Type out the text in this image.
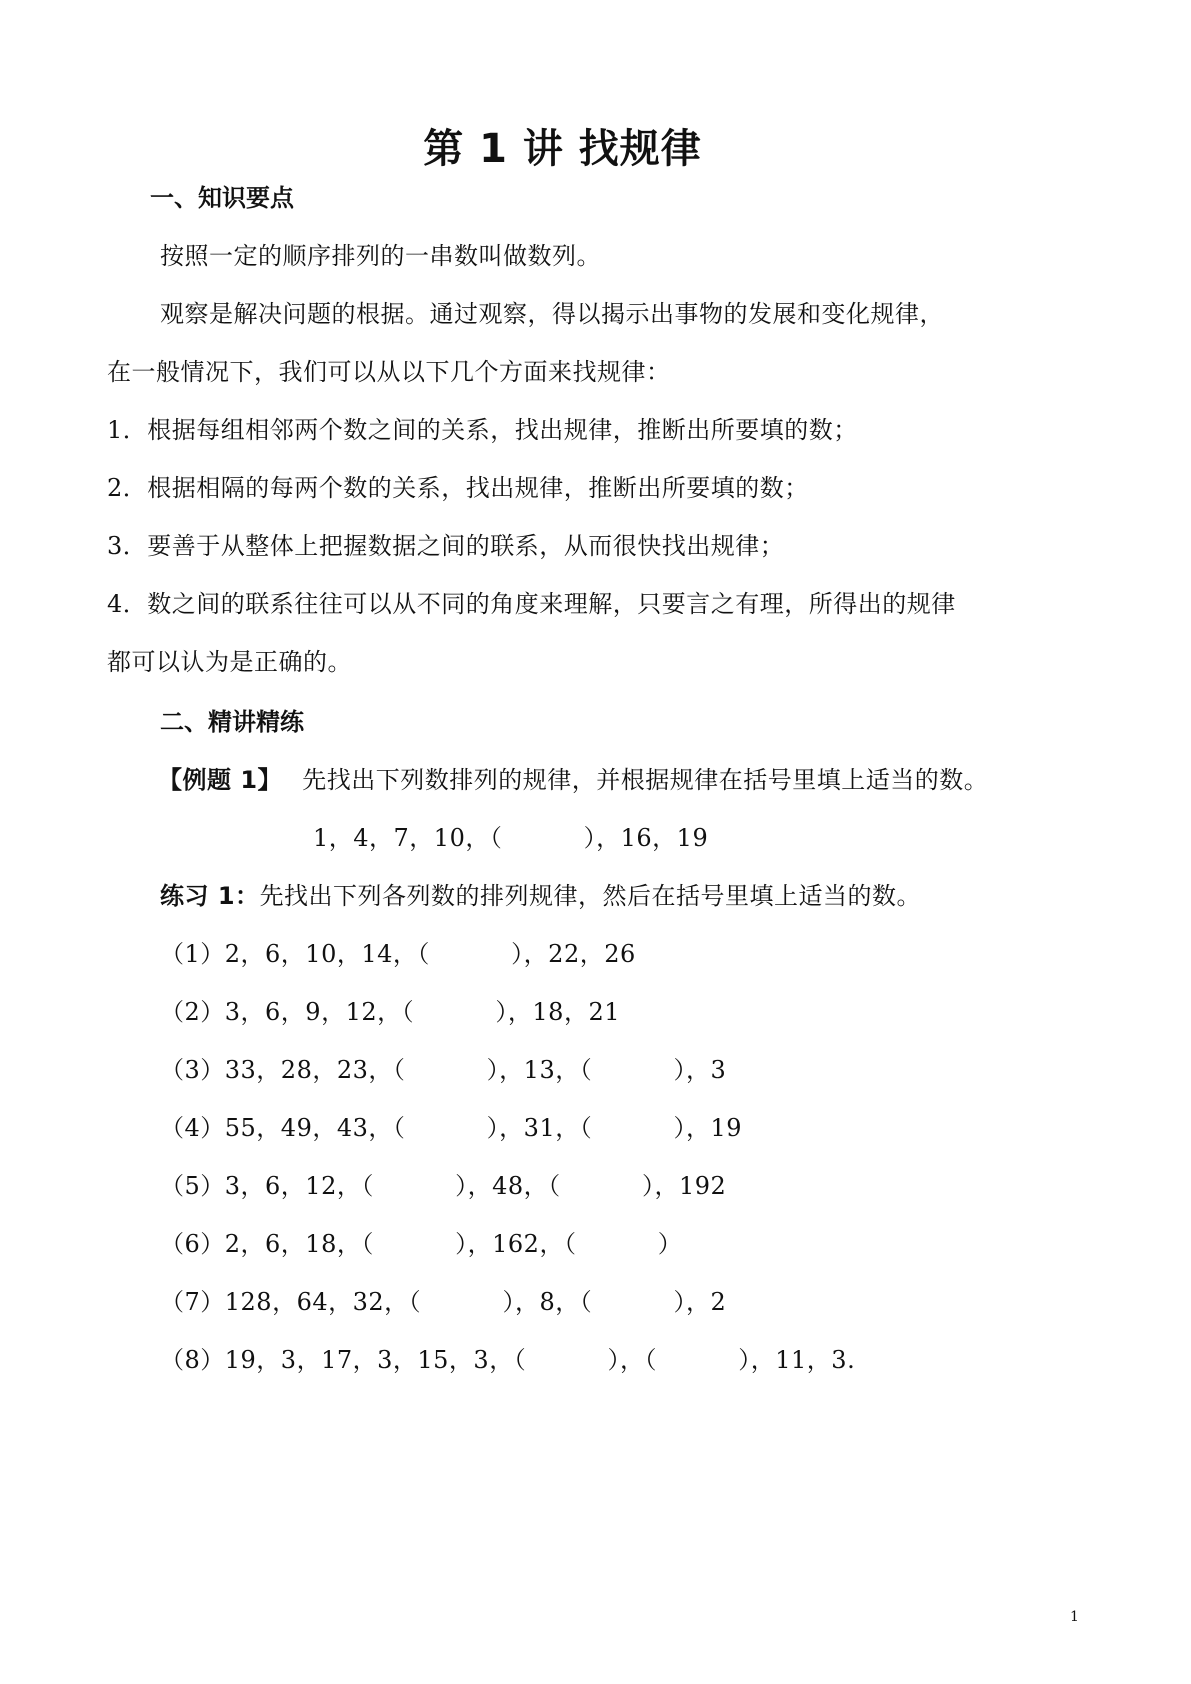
第 1 讲 找规律
一、知识要点
按照一定的顺序排列的一串数叫做数列。
观察是解决问题的根据。通过观察，得以揭示出事物的发展和变化规律，
在一般情况下，我们可以从以下几个方面来找规律：
1．根据每组相邻两个数之间的关系，找出规律，推断出所要填的数；
2．根据相隔的每两个数的关系，找出规律，推断出所要填的数；
3．要善于从整体上把握数据之间的联系，从而很快找出规律；
4．数之间的联系往往可以从不同的角度来理解，只要言之有理，所得出的规律
都可以认为是正确的。
二、精讲精练
【例题 1】 先找出下列数排列的规律，并根据规律在括号里填上适当的数。
1，4，7，10，（          ），16，19
练习 1：先找出下列各列数的排列规律，然后在括号里填上适当的数。
（1）2，6，10，14，（          ），22，26
（2）3，6，9，12，（          ），18，21
（3）33，28，23，（          ），13，（          ），3
（4）55，49，43，（          ），31，（          ），19
（5）3，6，12，（          ），48，（          ），192
（6）2，6，18，（          ），162，（          ）
（7）128，64，32，（          ），8，（          ），2
（8）19，3，17，3，15，3，（          ），（          ），11，3.
1
